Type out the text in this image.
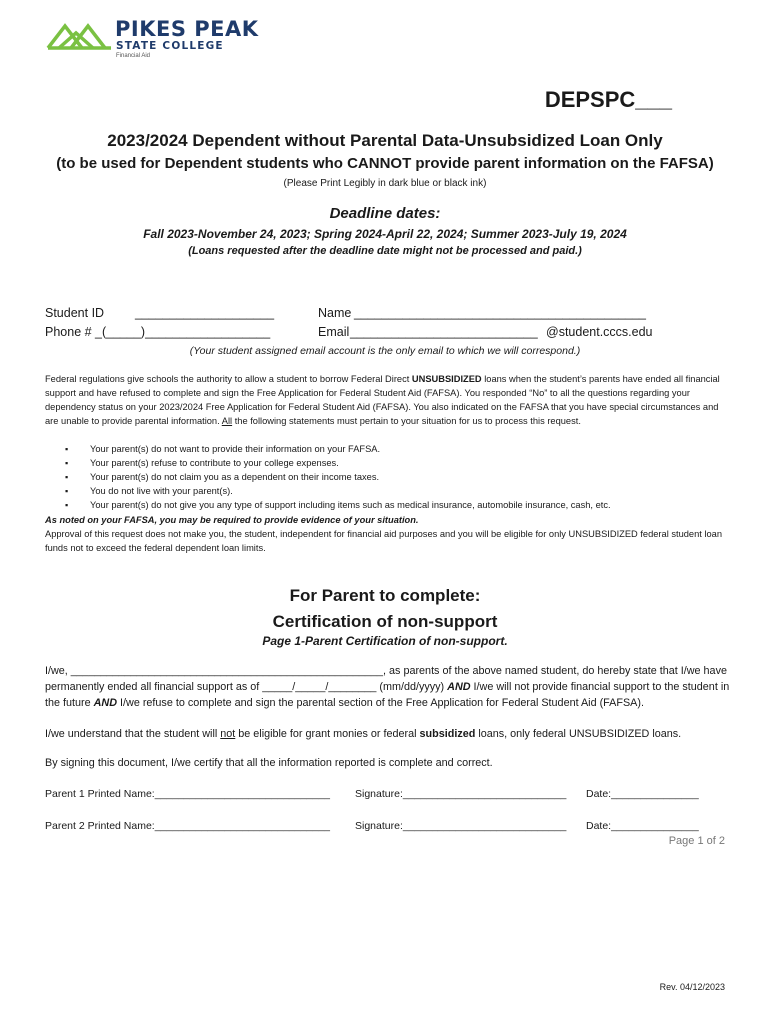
PIKES PEAK
STATE COLLEGE
Financial Aid
DEPSPC___
2023/2024 Dependent without Parental Data-Unsubsidized Loan Only
(to be used for Dependent students who CANNOT provide parent information on the FAFSA)
(Please Print Legibly in dark blue or black ink)
Deadline dates:
Fall 2023-November 24, 2023; Spring 2024-April 22, 2024; Summer 2023-July 19, 2024
(Loans requested after the deadline date might not be processed and paid.)
Student ID ____________________	Name __________________________________________
Phone # _(_____)__________________	Email ___________________________ @student.cccs.edu
(Your student assigned email account is the only email to which we will correspond.)
Federal regulations give schools the authority to allow a student to borrow Federal Direct UNSUBSIDIZED loans when the student’s parents have ended all financial support and have refused to complete and sign the Free Application for Federal Student Aid (FAFSA). You responded “No” to all the questions regarding your dependency status on your 2023/2024 Free Application for Federal Student Aid (FAFSA). You also indicated on the FAFSA that you have special circumstances and are unable to provide parental information. All the following statements must pertain to your situation for us to process this request.
▪ Your parent(s) do not want to provide their information on your FAFSA.
▪ Your parent(s) refuse to contribute to your college expenses.
▪ Your parent(s) do not claim you as a dependent on their income taxes.
▪ You do not live with your parent(s).
▪ Your parent(s) do not give you any type of support including items such as medical insurance, automobile insurance, cash, etc.
As noted on your FAFSA, you may be required to provide evidence of your situation.
Approval of this request does not make you, the student, independent for financial aid purposes and you will be eligible for only UNSUBSIDIZED federal student loan funds not to exceed the federal dependent loan limits.
For Parent to complete:
Certification of non-support
Page 1-Parent Certification of non-support.
I/we, ____________________________________________________, as parents of the above named student, do hereby state that I/we have permanently ended all financial support as of _____/_____/________ (mm/dd/yyyy) AND I/we will not provide financial support to the student in the future AND I/we refuse to complete and sign the parental section of the Free Application for Federal Student Aid (FAFSA).
I/we understand that the student will not be eligible for grant monies or federal subsidized loans, only federal UNSUBSIDIZED loans.
By signing this document, I/we certify that all the information reported is complete and correct.
Parent 1 Printed Name:______________________________ Signature:____________________________ Date:_______________
Parent 2 Printed Name:______________________________ Signature:____________________________ Date:_______________
Page 1 of 2
Rev. 04/12/2023
